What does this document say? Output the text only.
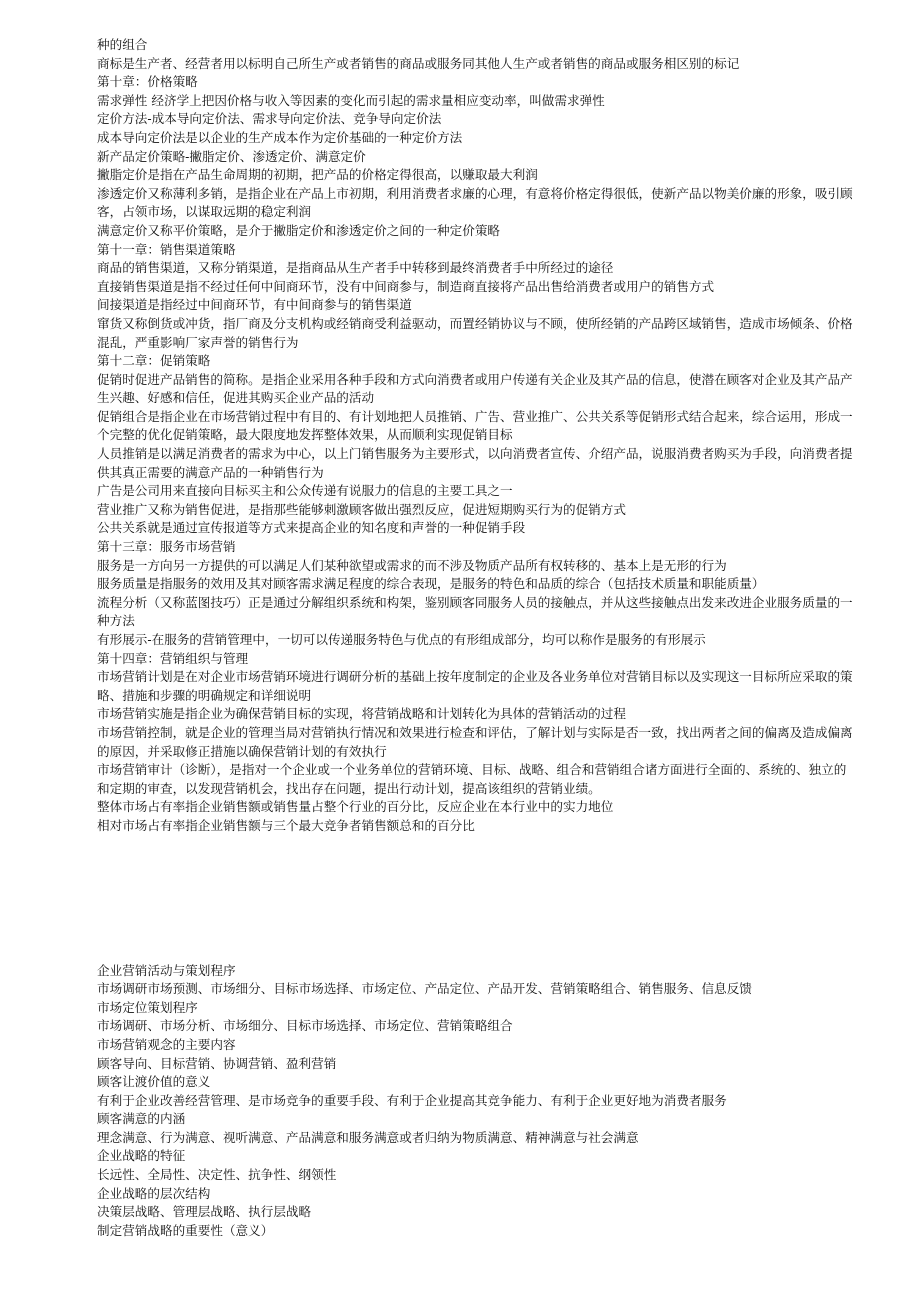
种的组合
商标是生产者、经营者用以标明自己所生产或者销售的商品或服务同其他人生产或者销售的商品或服务相区别的标记
第十章：价格策略
需求弹性 经济学上把因价格与收入等因素的变化而引起的需求量相应变动率，叫做需求弹性
定价方法-成本导向定价法、需求导向定价法、竞争导向定价法
成本导向定价法是以企业的生产成本作为定价基础的一种定价方法
新产品定价策略-撇脂定价、渗透定价、满意定价
撇脂定价是指在产品生命周期的初期，把产品的价格定得很高，以赚取最大利润
渗透定价又称薄利多销，是指企业在产品上市初期，利用消费者求廉的心理，有意将价格定得很低，使新产品以物美价廉的形象，吸引顾客，占领市场，以谋取远期的稳定利润
满意定价又称平价策略，是介于撇脂定价和渗透定价之间的一种定价策略
第十一章：销售渠道策略
商品的销售渠道，又称分销渠道，是指商品从生产者手中转移到最终消费者手中所经过的途径
直接销售渠道是指不经过任何中间商环节，没有中间商参与，制造商直接将产品出售给消费者或用户的销售方式
间接渠道是指经过中间商环节，有中间商参与的销售渠道
窜货又称倒货或冲货，指厂商及分支机构或经销商受利益驱动，而置经销协议与不顾，使所经销的产品跨区域销售，造成市场倾条、价格混乱，严重影响厂家声誉的销售行为
第十二章：促销策略
促销时促进产品销售的简称。是指企业采用各种手段和方式向消费者或用户传递有关企业及其产品的信息，使潜在顾客对企业及其产品产生兴趣、好感和信任，促进其购买企业产品的活动
促销组合是指企业在市场营销过程中有目的、有计划地把人员推销、广告、营业推广、公共关系等促销形式结合起来，综合运用，形成一个完整的优化促销策略，最大限度地发挥整体效果，从而顺利实现促销目标
人员推销是以满足消费者的需求为中心，以上门销售服务为主要形式，以向消费者宣传、介绍产品，说服消费者购买为手段，向消费者提供其真正需要的满意产品的一种销售行为
广告是公司用来直接向目标买主和公众传递有说服力的信息的主要工具之一
营业推广又称为销售促进，是指那些能够刺激顾客做出强烈反应，促进短期购买行为的促销方式
公共关系就是通过宣传报道等方式来提高企业的知名度和声誉的一种促销手段
第十三章：服务市场营销
服务是一方向另一方提供的可以满足人们某种欲望或需求的而不涉及物质产品所有权转移的、基本上是无形的行为
服务质量是指服务的效用及其对顾客需求满足程度的综合表现，是服务的特色和品质的综合（包括技术质量和职能质量）
流程分析（又称蓝图技巧）正是通过分解组织系统和构架，鉴别顾客同服务人员的接触点，并从这些接触点出发来改进企业服务质量的一种方法
有形展示-在服务的营销管理中，一切可以传递服务特色与优点的有形组成部分，均可以称作是服务的有形展示
第十四章：营销组织与管理
市场营销计划是在对企业市场营销环境进行调研分析的基础上按年度制定的企业及各业务单位对营销目标以及实现这一目标所应采取的策略、措施和步骤的明确规定和详细说明
市场营销实施是指企业为确保营销目标的实现，将营销战略和计划转化为具体的营销活动的过程
市场营销控制，就是企业的管理当局对营销执行情况和效果进行检查和评估，了解计划与实际是否一致，找出两者之间的偏离及造成偏离的原因，并采取修正措施以确保营销计划的有效执行
市场营销审计（诊断），是指对一个企业或一个业务单位的营销环境、目标、战略、组合和营销组合诸方面进行全面的、系统的、独立的和定期的审查，以发现营销机会，找出存在问题，提出行动计划，提高该组织的营销业绩。
整体市场占有率指企业销售额或销售量占整个行业的百分比，反应企业在本行业中的实力地位
相对市场占有率指企业销售额与三个最大竞争者销售额总和的百分比
企业营销活动与策划程序
市场调研市场预测、市场细分、目标市场选择、市场定位、产品定位、产品开发、营销策略组合、销售服务、信息反馈
市场定位策划程序
市场调研、市场分析、市场细分、目标市场选择、市场定位、营销策略组合
市场营销观念的主要内容
顾客导向、目标营销、协调营销、盈利营销
顾客让渡价值的意义
有利于企业改善经营管理、是市场竞争的重要手段、有利于企业提高其竞争能力、有利于企业更好地为消费者服务
顾客满意的内涵
理念满意、行为满意、视听满意、产品满意和服务满意或者归纳为物质满意、精神满意与社会满意
企业战略的特征
长远性、全局性、决定性、抗争性、纲领性
企业战略的层次结构
决策层战略、管理层战略、执行层战略
制定营销战略的重要性（意义）
